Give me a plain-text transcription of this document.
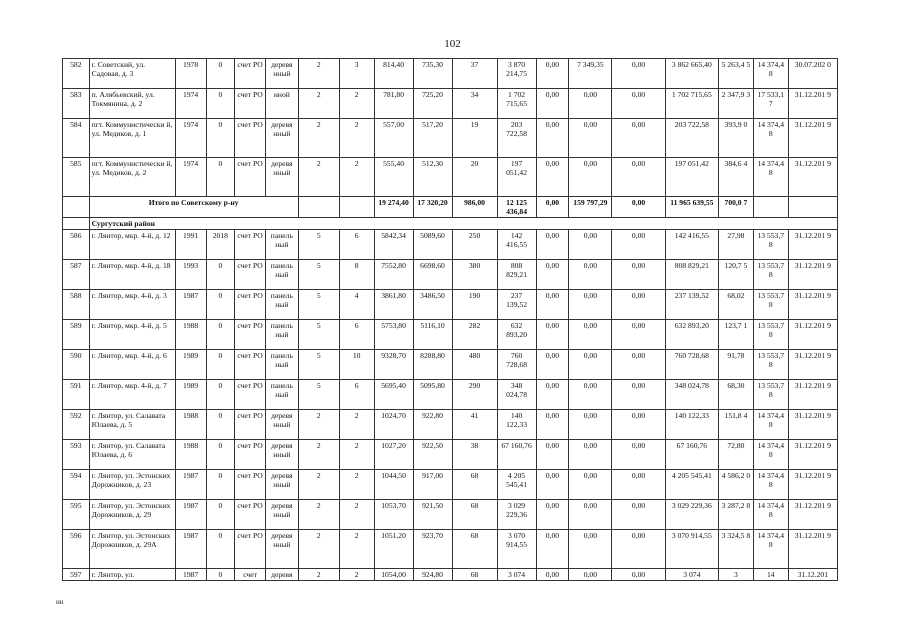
102
582	г. Советский, ул. Садовая, д. 3	1978	0	счет РО	деревя нный	2	3	814,40	735,30	37	3 870 214,75	0,00	7 349,35	0,00	3 862 665,40	5 263,4 5	14 374,4 8	30.07.202 0
583	п. Алябьевский, ул. Токмянина, д. 2	1974	0	счет РО	иной	2	2	781,80	725,20	34	1 702 715,65	0,00	0,00	0,00	1 702 715,65	2 347,9 3	17 533,1 7	31.12.201 9
584	пгт. Коммунистически й, ул. Медиков, д. 1	1974	0	счет РО	деревя нный	2	2	557,00	517,20	19	203 722,58	0,00	0,00	0,00	203 722,58	393,9 0	14 374,4 8	31.12.201 9
585	пгт. Коммунистически й, ул. Медиков, д. 2	1974	0	счет РО	деревя нный	2	2	555,40	512,30	20	197 051,42	0,00	0,00	0,00	197 051,42	384,6 4	14 374,4 8	31.12.201 9
	Итого по Советскому р-ну							19 274,40	17 320,20	986,00	12 125 436,84	0,00	159 797,29	0,00	11 965 639,55	700,0 7		
	Сургутский район																	
586	г. Лянтор, мкр. 4-й, д. 12	1991	2018	счет РО	панель ный	5	6	5842,34	5089,60	250	142 416,55	0,00	0,00	0,00	142 416,55	27,98	13 553,7 8	31.12.201 9
587	г. Лянтор, мкр. 4-й, д. 18	1993	0	счет РО	панель ный	5	8	7552,80	6698,60	380	808 829,21	0,00	0,00	0,00	808 829,21	120,7 5	13 553,7 8	31.12.201 9
588	г. Лянтор, мкр. 4-й, д. 3	1987	0	счет РО	панель ный	5	4	3861,80	3486,50	190	237 139,52	0,00	0,00	0,00	237 139,52	68,02	13 553,7 8	31.12.201 9
589	г. Лянтор, мкр. 4-й, д. 5	1988	0	счет РО	панель ный	5	6	5753,80	5116,10	282	632 893,20	0,00	0,00	0,00	632 893,20	123,7 1	13 553,7 8	31.12.201 9
590	г. Лянтор, мкр. 4-й, д. 6	1989	0	счет РО	панель ный	5	10	9328,70	8288,80	480	760 728,68	0,00	0,00	0,00	760 728,68	91,78	13 553,7 8	31.12.201 9
591	г. Лянтор, мкр. 4-й, д. 7	1989	0	счет РО	панель ный	5	6	5695,40	5095,80	290	348 024,78	0,00	0,00	0,00	348 024,78	68,30	13 553,7 8	31.12.201 9
592	г. Лянтор, ул. Салавата Юлаева, д. 5	1988	0	счет РО	деревя нный	2	2	1024,70	922,80	41	140 122,33	0,00	0,00	0,00	140 122,33	151,8 4	14 374,4 8	31.12.201 9
593	г. Лянтор, ул. Салавата Юлаева, д. 6	1988	0	счет РО	деревя нный	2	2	1027,20	922,50	38	67 160,76	0,00	0,00	0,00	67 160,76	72,80	14 374,4 8	31.12.201 9
594	г. Лянтор, ул. Эстонских Дорожников, д. 23	1987	0	счет РО	деревя нный	2	2	1044,50	917,00	68	4 205 545,41	0,00	0,00	0,00	4 205 545,41	4 586,2 0	14 374,4 8	31.12.201 9
595	г. Лянтор, ул. Эстонских Дорожников, д. 29	1987	0	счет РО	деревя нный	2	2	1053,70	921,50	68	3 029 229,36	0,00	0,00	0,00	3 029 229,36	3 287,2 8	14 374,4 8	31.12.201 9
596	г. Лянтор, ул. Эстонских Дорожников, д. 29А	1987	0	счет РО	деревя нный	2	2	1051,20	923,70	68	3 070 914,55	0,00	0,00	0,00	3 070 914,55	3 324,5 8	14 374,4 8	31.12.201 9
597	г. Лянтор, ул.	1987	0	счет	деревя	2	2	1054,00	924,80	68	3 074	0,00	0,00	0,00	3 074	3	14	31.12.201
нн
